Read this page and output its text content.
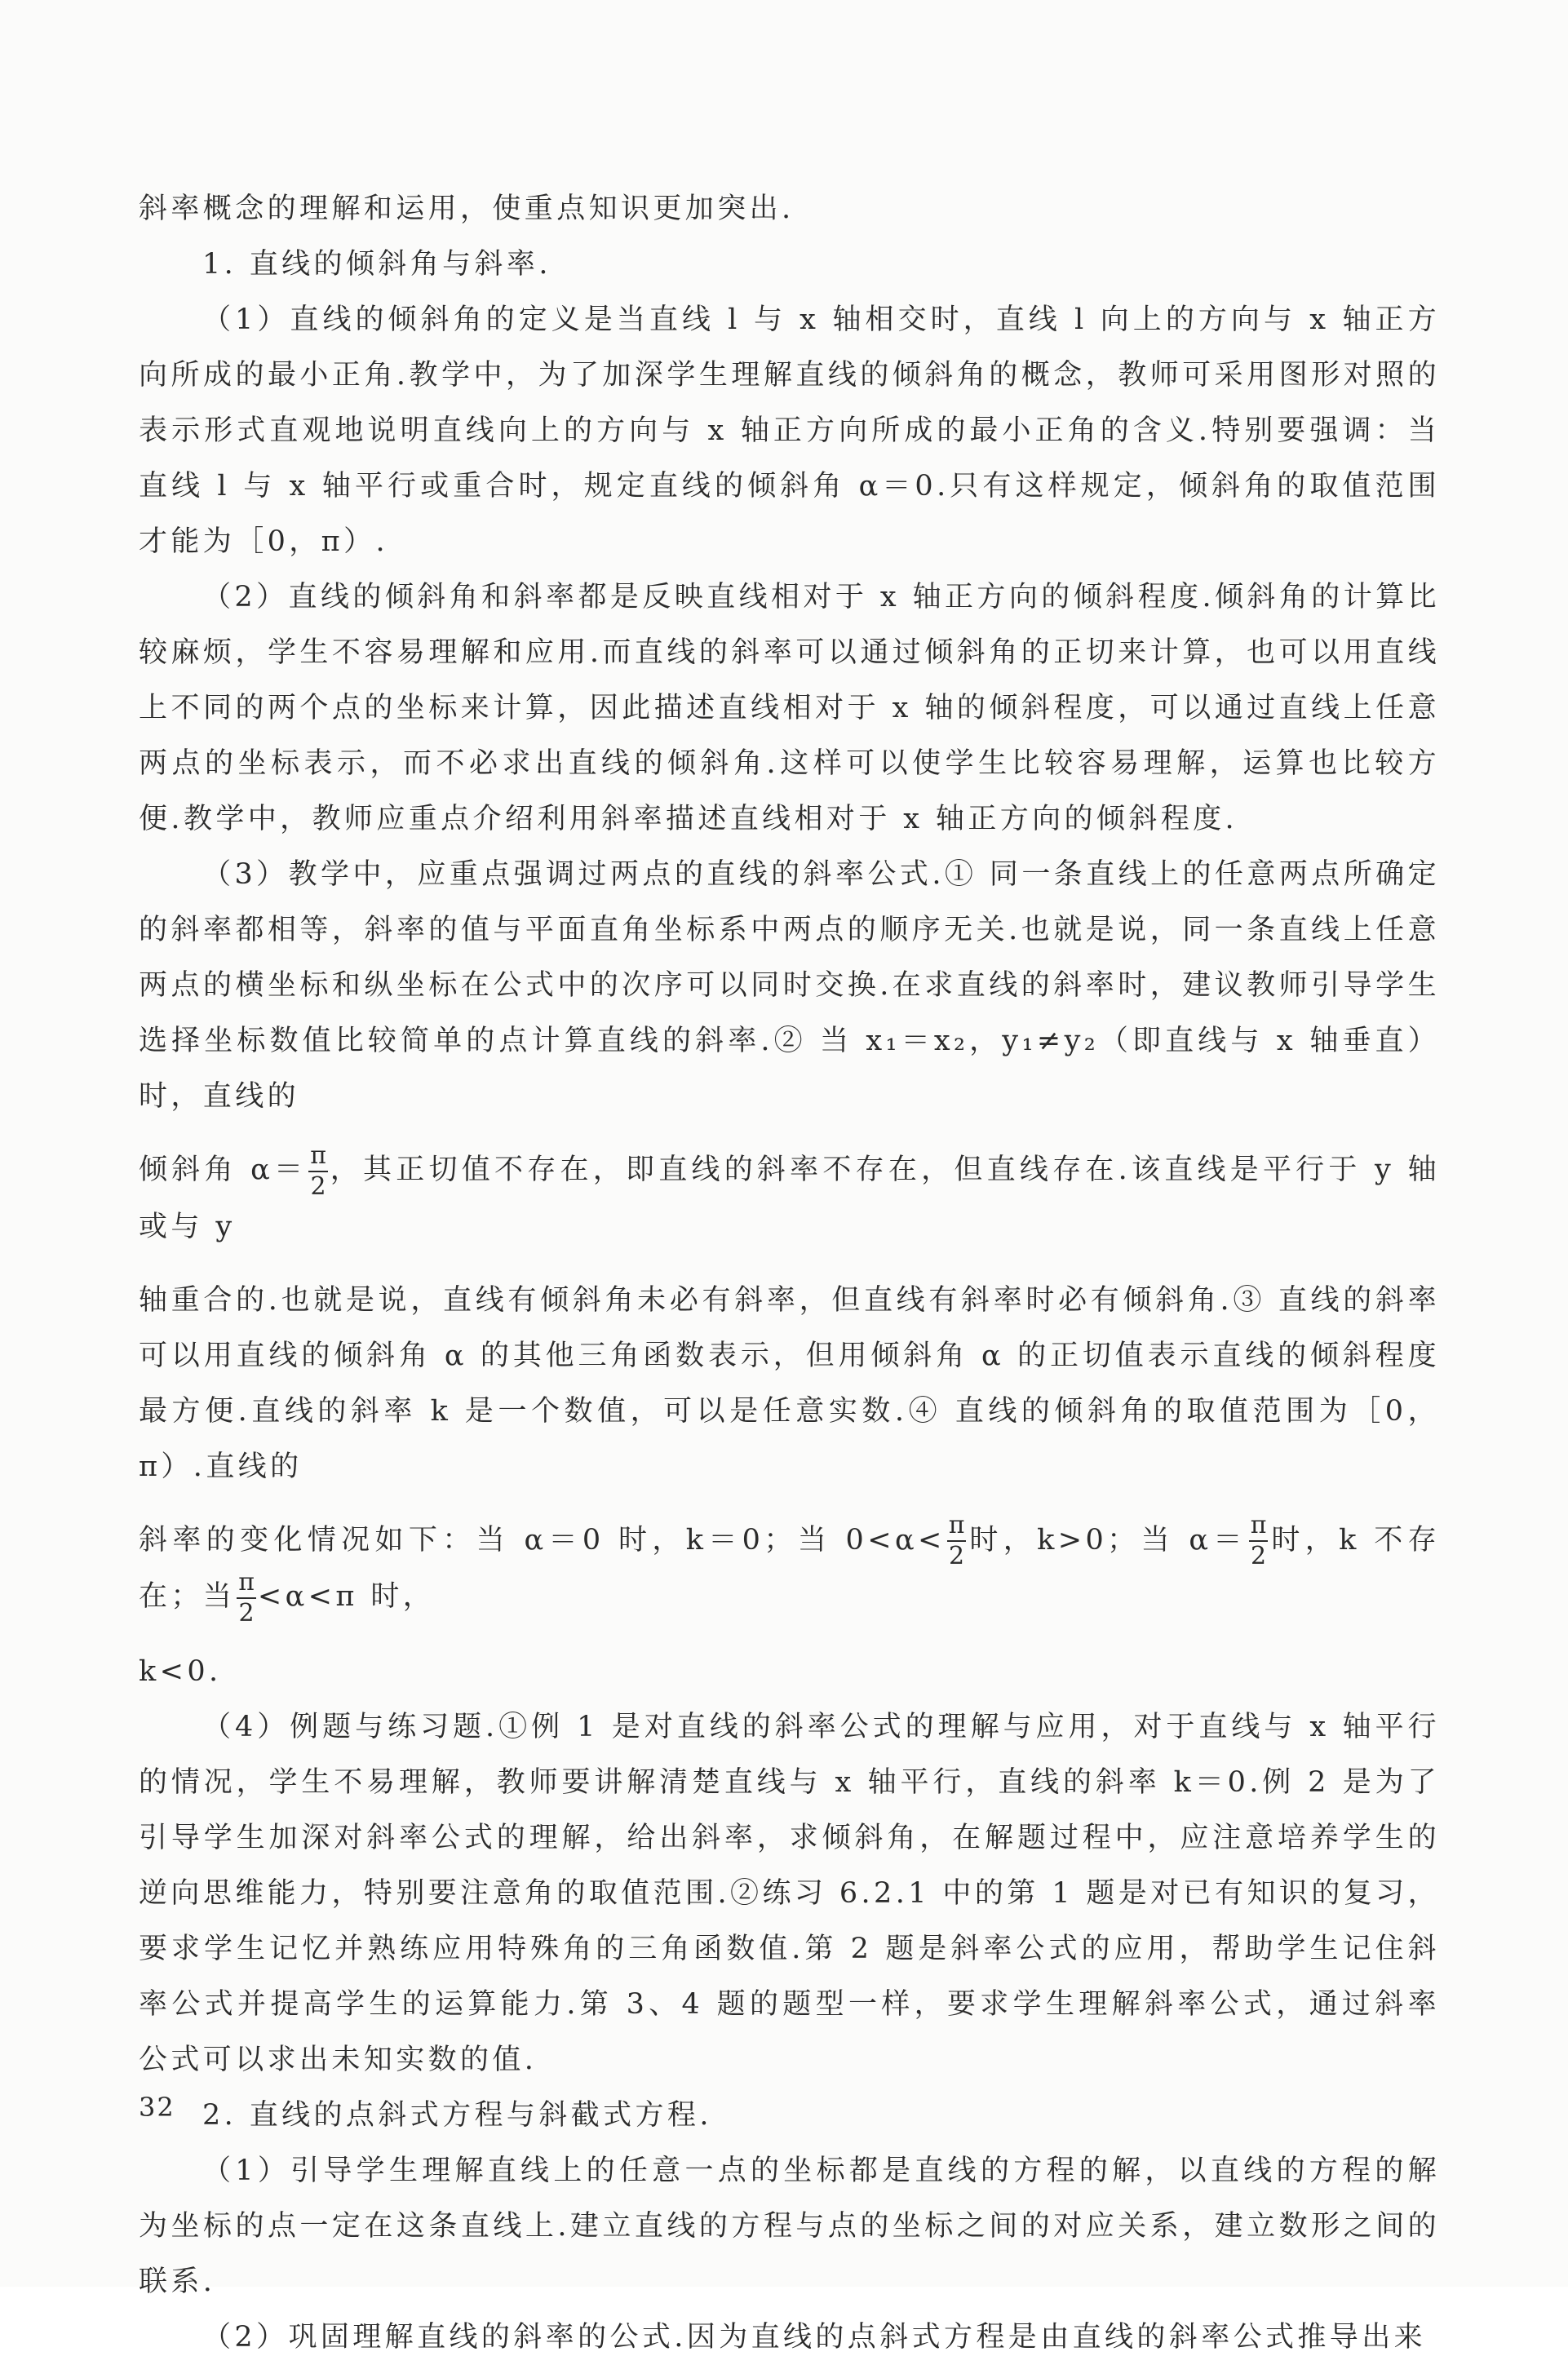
斜率概念的理解和运用，使重点知识更加突出.

1. 直线的倾斜角与斜率.

（1）直线的倾斜角的定义是当直线 l 与 x 轴相交时，直线 l 向上的方向与 x 轴正方向所成的最小正角.教学中，为了加深学生理解直线的倾斜角的概念，教师可采用图形对照的表示形式直观地说明直线向上的方向与 x 轴正方向所成的最小正角的含义.特别要强调：当直线 l 与 x 轴平行或重合时，规定直线的倾斜角 α＝0.只有这样规定，倾斜角的取值范围才能为［0，π）.

（2）直线的倾斜角和斜率都是反映直线相对于 x 轴正方向的倾斜程度.倾斜角的计算比较麻烦，学生不容易理解和应用.而直线的斜率可以通过倾斜角的正切来计算，也可以用直线上不同的两个点的坐标来计算，因此描述直线相对于 x 轴的倾斜程度，可以通过直线上任意两点的坐标表示，而不必求出直线的倾斜角.这样可以使学生比较容易理解，运算也比较方便.教学中，教师应重点介绍利用斜率描述直线相对于 x 轴正方向的倾斜程度.

（3）教学中，应重点强调过两点的直线的斜率公式.① 同一条直线上的任意两点所确定的斜率都相等，斜率的值与平面直角坐标系中两点的顺序无关.也就是说，同一条直线上任意两点的横坐标和纵坐标在公式中的次序可以同时交换.在求直线的斜率时，建议教师引导学生选择坐标数值比较简单的点计算直线的斜率.② 当 x₁＝x₂，y₁≠y₂（即直线与 x 轴垂直）时，直线的

倾斜角 $\alpha= \frac{\pi}{2}$ ，其正切值不存在，即直线的斜率不存在，但直线存在.该直线是平行于 y 轴或与 y

轴重合的.也就是说，直线有倾斜角未必有斜率，但直线有斜率时必有倾斜角.③ 直线的斜率可以用直线的倾斜角 α 的其他三角函数表示，但用倾斜角 α 的正切值表示直线的倾斜程度最方便.直线的斜率 k 是一个数值，可以是任意实数.④ 直线的倾斜角的取值范围为［0，π）.直线的

斜率的变化情况如下：当 α＝0 时，k＝0；当 $0<\alpha< \frac{\pi}{2}$ 时，k>0；当 $\alpha= \frac{\pi}{2}$ 时，k 不存在；当 $\frac{\pi}{2} <\alpha<\pi$ 时，

k<0.

（4）例题与练习题.①例 1 是对直线的斜率公式的理解与应用，对于直线与 x 轴平行的情况，学生不易理解，教师要讲解清楚直线与 x 轴平行，直线的斜率 k＝0.例 2 是为了引导学生加深对斜率公式的理解，给出斜率，求倾斜角，在解题过程中，应注意培养学生的逆向思维能力，特别要注意角的取值范围.②练习 6.2.1 中的第 1 题是对已有知识的复习，要求学生记忆并熟练应用特殊角的三角函数值.第 2 题是斜率公式的应用，帮助学生记住斜率公式并提高学生的运算能力.第 3、4 题的题型一样，要求学生理解斜率公式，通过斜率公式可以求出未知实数的值.

2. 直线的点斜式方程与斜截式方程.

（1）引导学生理解直线上的任意一点的坐标都是直线的方程的解，以直线的方程的解为坐标的点一定在这条直线上.建立直线的方程与点的坐标之间的对应关系，建立数形之间的联系.

（2）巩固理解直线的斜率的公式.因为直线的点斜式方程是由直线的斜率公式推导出来

32
